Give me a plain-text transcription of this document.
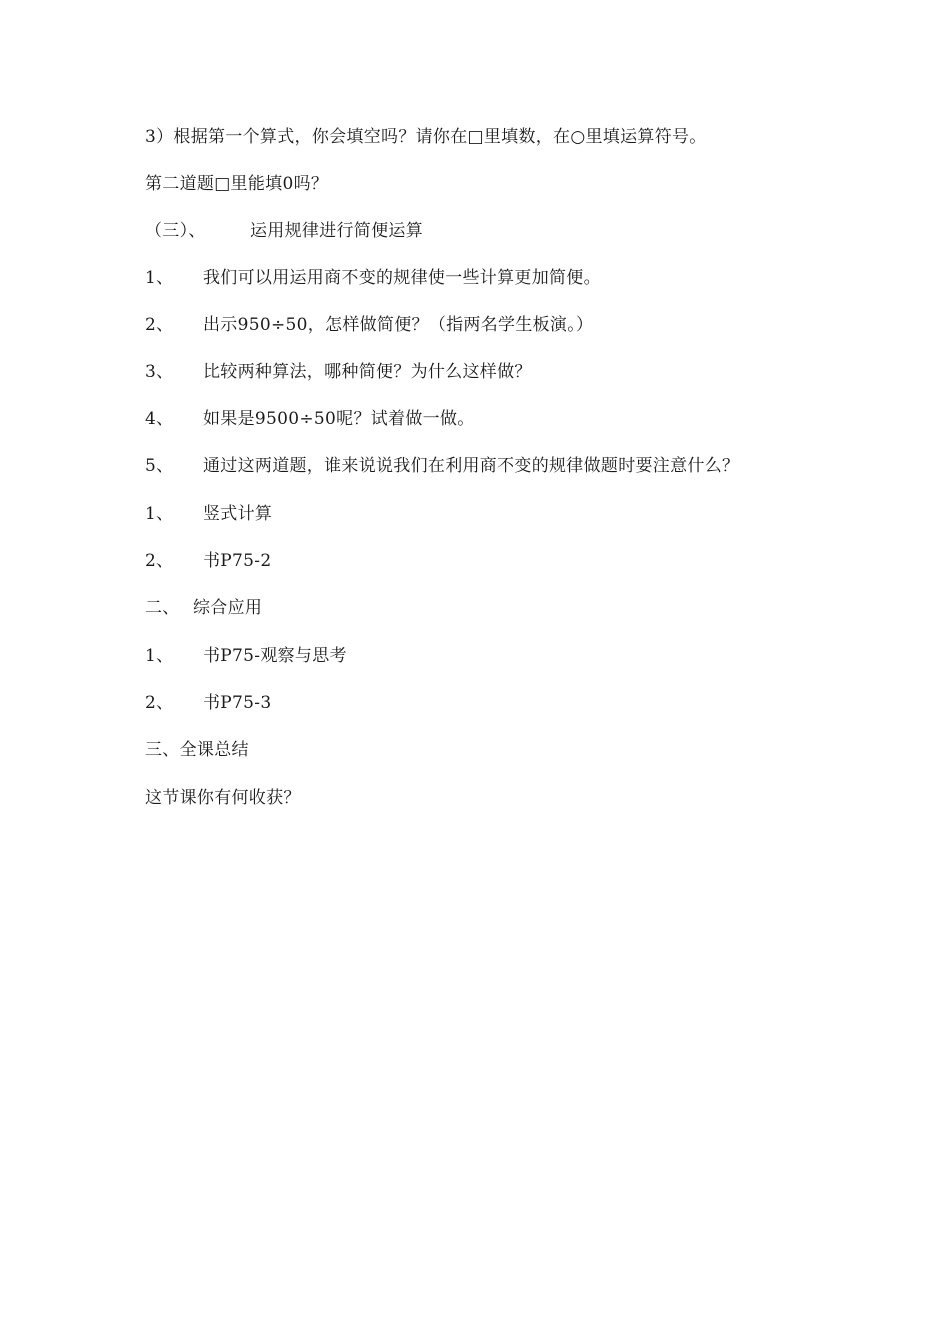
3）根据第一个算式，你会填空吗？请你在□里填数，在○里填运算符号。
第二道题□里能填0吗？
（三）、	运用规律进行简便运算
1、 我们可以用运用商不变的规律使一些计算更加简便。
2、 出示950÷50，怎样做简便？（指两名学生板演。）
3、 比较两种算法，哪种简便？为什么这样做？
4、 如果是9500÷50呢？试着做一做。
5、 通过这两道题，谁来说说我们在利用商不变的规律做题时要注意什么？
1、 竖式计算
2、 书P75-2
二、 综合应用
1、 书P75-观察与思考
2、 书P75-3
三、全课总结
这节课你有何收获？
